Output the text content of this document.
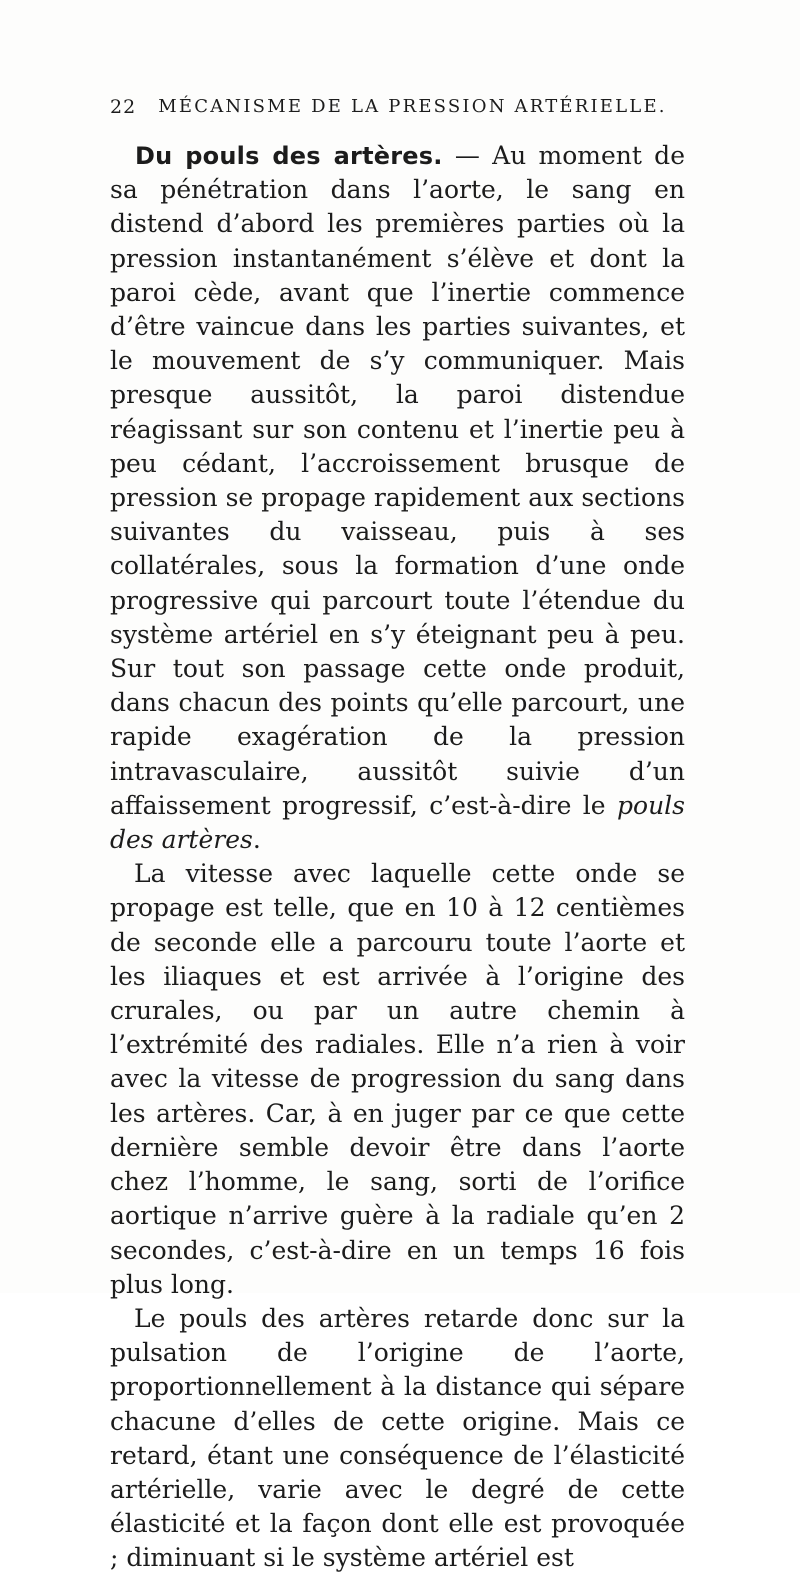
22	MÉCANISME DE LA PRESSION ARTÉRIELLE.

Du pouls des artères. — Au moment de sa pénétration dans l’aorte, le sang en distend d’abord les premières parties où la pression instantanément s’élève et dont la paroi cède, avant que l’inertie commence d’être vaincue dans les parties suivantes, et le mouvement de s’y communiquer. Mais presque aussitôt, la paroi distendue réagissant sur son contenu et l’inertie peu à peu cédant, l’accroissement brusque de pression se propage rapidement aux sections suivantes du vaisseau, puis à ses collatérales, sous la formation d’une onde progressive qui parcourt toute l’étendue du système artériel en s’y éteignant peu à peu. Sur tout son passage cette onde produit, dans chacun des points qu’elle parcourt, une rapide exagération de la pression intravasculaire, aussitôt suivie d’un affaissement progressif, c’est-à-dire le pouls des artères.

La vitesse avec laquelle cette onde se propage est telle, que en 10 à 12 centièmes de seconde elle a parcouru toute l’aorte et les iliaques et est arrivée à l’origine des crurales, ou par un autre chemin à l’extrémité des radiales. Elle n’a rien à voir avec la vitesse de progression du sang dans les artères. Car, à en juger par ce que cette dernière semble devoir être dans l’aorte chez l’homme, le sang, sorti de l’orifice aortique n’arrive guère à la radiale qu’en 2 secondes, c’est-à-dire en un temps 16 fois plus long.

Le pouls des artères retarde donc sur la pulsation de l’origine de l’aorte, proportionnellement à la distance qui sépare chacune d’elles de cette origine. Mais ce retard, étant une conséquence de l’élasticité artérielle, varie avec le degré de cette élasticité et la façon dont elle est provoquée ; diminuant si le système artériel est
